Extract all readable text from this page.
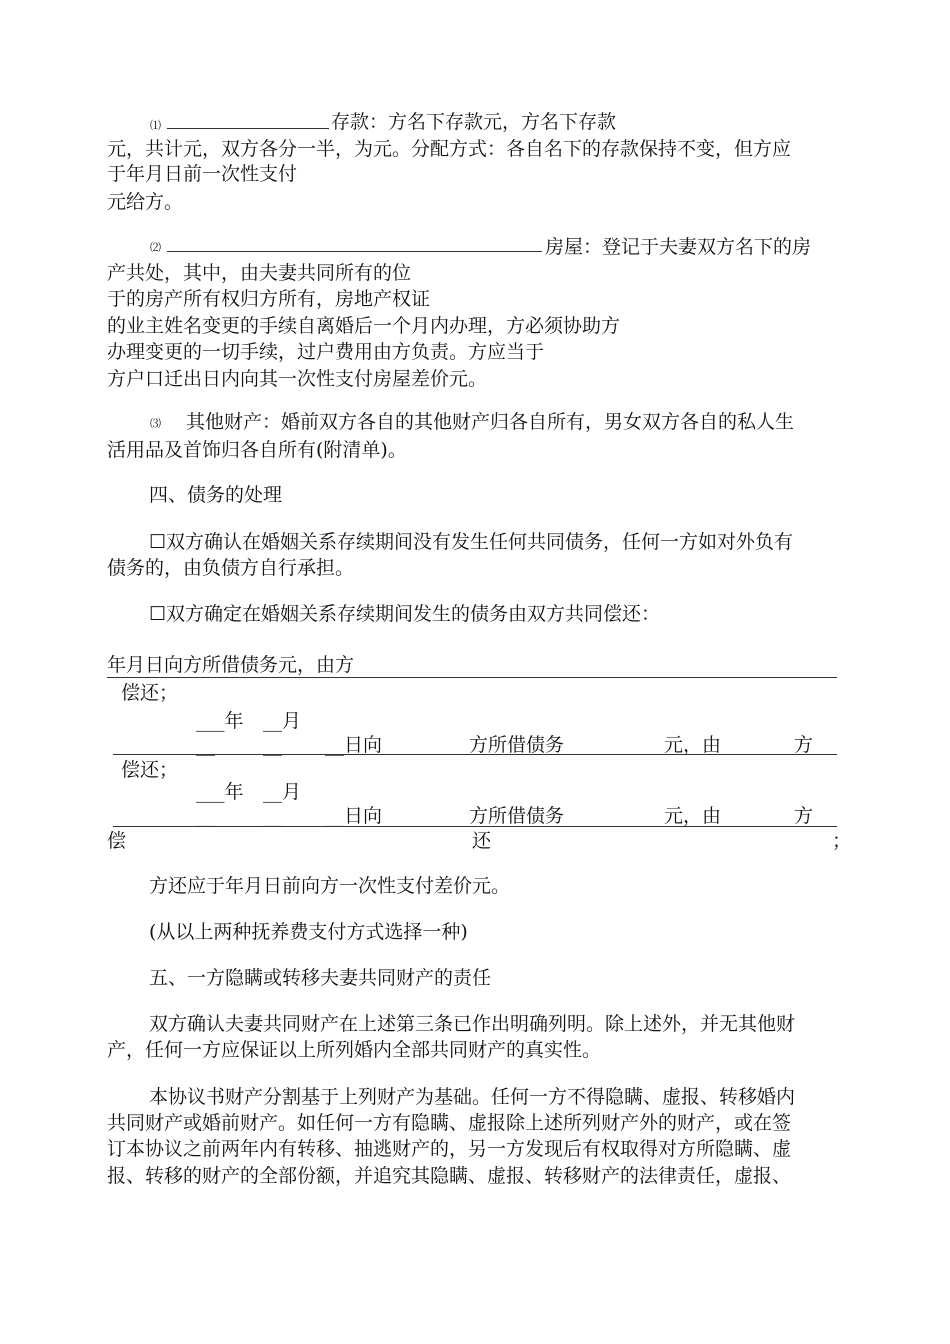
⑴	存款：方名下存款元，方名下存款
元，共计元，双方各分一半，为元。分配方式：各自名下的存款保持不变，但方应
于年月日前一次性支付
元给方。
⑵	房屋：登记于夫妻双方名下的房
产共处，其中，由夫妻共同所有的位
于的房产所有权归方所有，房地产权证
的业主姓名变更的手续自离婚后一个月内办理，方必须协助方
办理变更的一切手续，过户费用由方负责。方应当于
方户口迁出日内向其一次性支付房屋差价元。
⑶ 其他财产：婚前双方各自的其他财产归各自所有，男女双方各自的私人生
活用品及首饰归各自所有(附清单)。
四、债务的处理
☐双方确认在婚姻关系存续期间没有发生任何共同债务，任何一方如对外负有
债务的，由负债方自行承担。
☐双方确定在婚姻关系存续期间发生的债务由双方共同偿还：
年月日向方所借债务元，由方
偿还；
___年 __月
__	__ __日向	方所借债务	元，由	方
偿还；
___年 __月
__	__ __日向	方所借债务	元，由	方
偿	还	；
方还应于年月日前向方一次性支付差价元。
(从以上两种抚养费支付方式选择一种)
五、一方隐瞒或转移夫妻共同财产的责任
双方确认夫妻共同财产在上述第三条已作出明确列明。除上述外，并无其他财
产，任何一方应保证以上所列婚内全部共同财产的真实性。
本协议书财产分割基于上列财产为基础。任何一方不得隐瞒、虚报、转移婚内
共同财产或婚前财产。如任何一方有隐瞒、虚报除上述所列财产外的财产，或在签
订本协议之前两年内有转移、抽逃财产的，另一方发现后有权取得对方所隐瞒、虚
报、转移的财产的全部份额，并追究其隐瞒、虚报、转移财产的法律责任，虚报、
